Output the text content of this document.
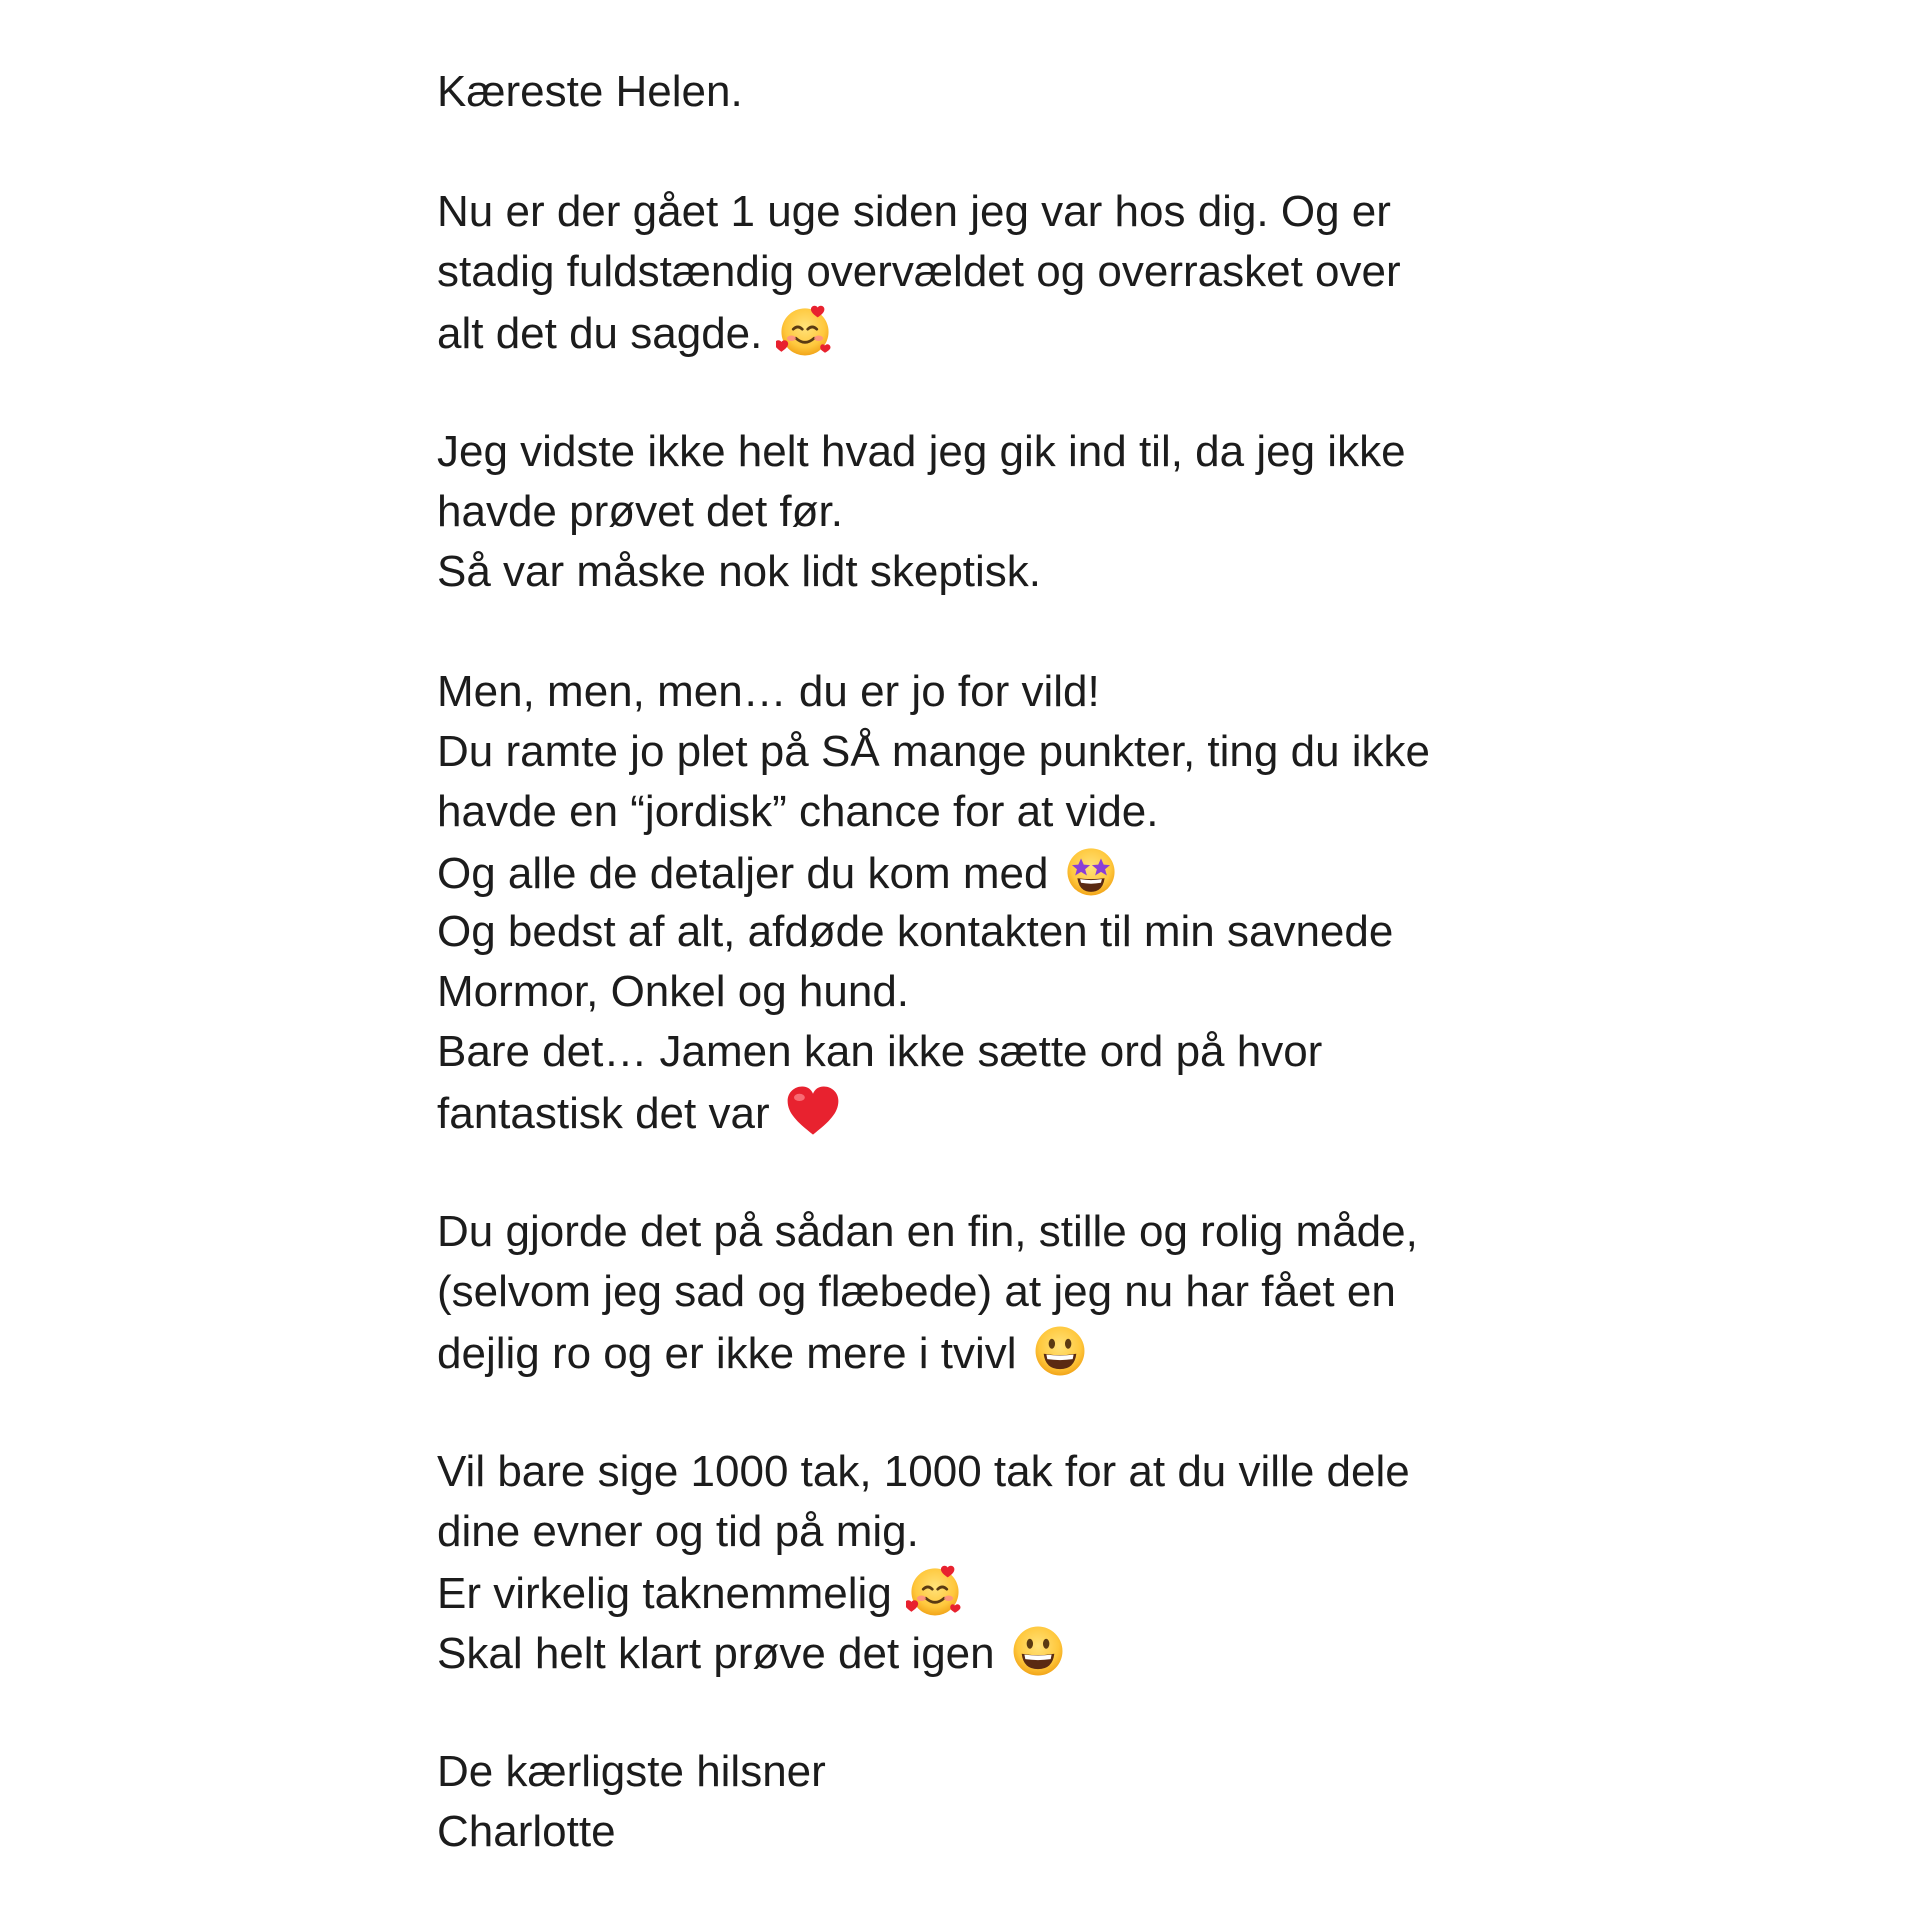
Kæreste Helen.
Nu er der gået 1 uge siden jeg var hos dig. Og er
stadig fuldstændig overvældet og overrasket over
alt det du sagde.
Jeg vidste ikke helt hvad jeg gik ind til, da jeg ikke
havde prøvet det før.
Så var måske nok lidt skeptisk.
Men, men, men… du er jo for vild!
Du ramte jo plet på SÅ mange punkter, ting du ikke
havde en “jordisk” chance for at vide.
Og alle de detaljer du kom med
Og bedst af alt, afdøde kontakten til min savnede
Mormor, Onkel og hund.
Bare det… Jamen kan ikke sætte ord på hvor
fantastisk det var
Du gjorde det på sådan en fin, stille og rolig måde,
(selvom jeg sad og flæbede) at jeg nu har fået en
dejlig ro og er ikke mere i tvivl
Vil bare sige 1000 tak, 1000 tak for at du ville dele
dine evner og tid på mig.
Er virkelig taknemmelig
Skal helt klart prøve det igen
De kærligste hilsner
Charlotte
